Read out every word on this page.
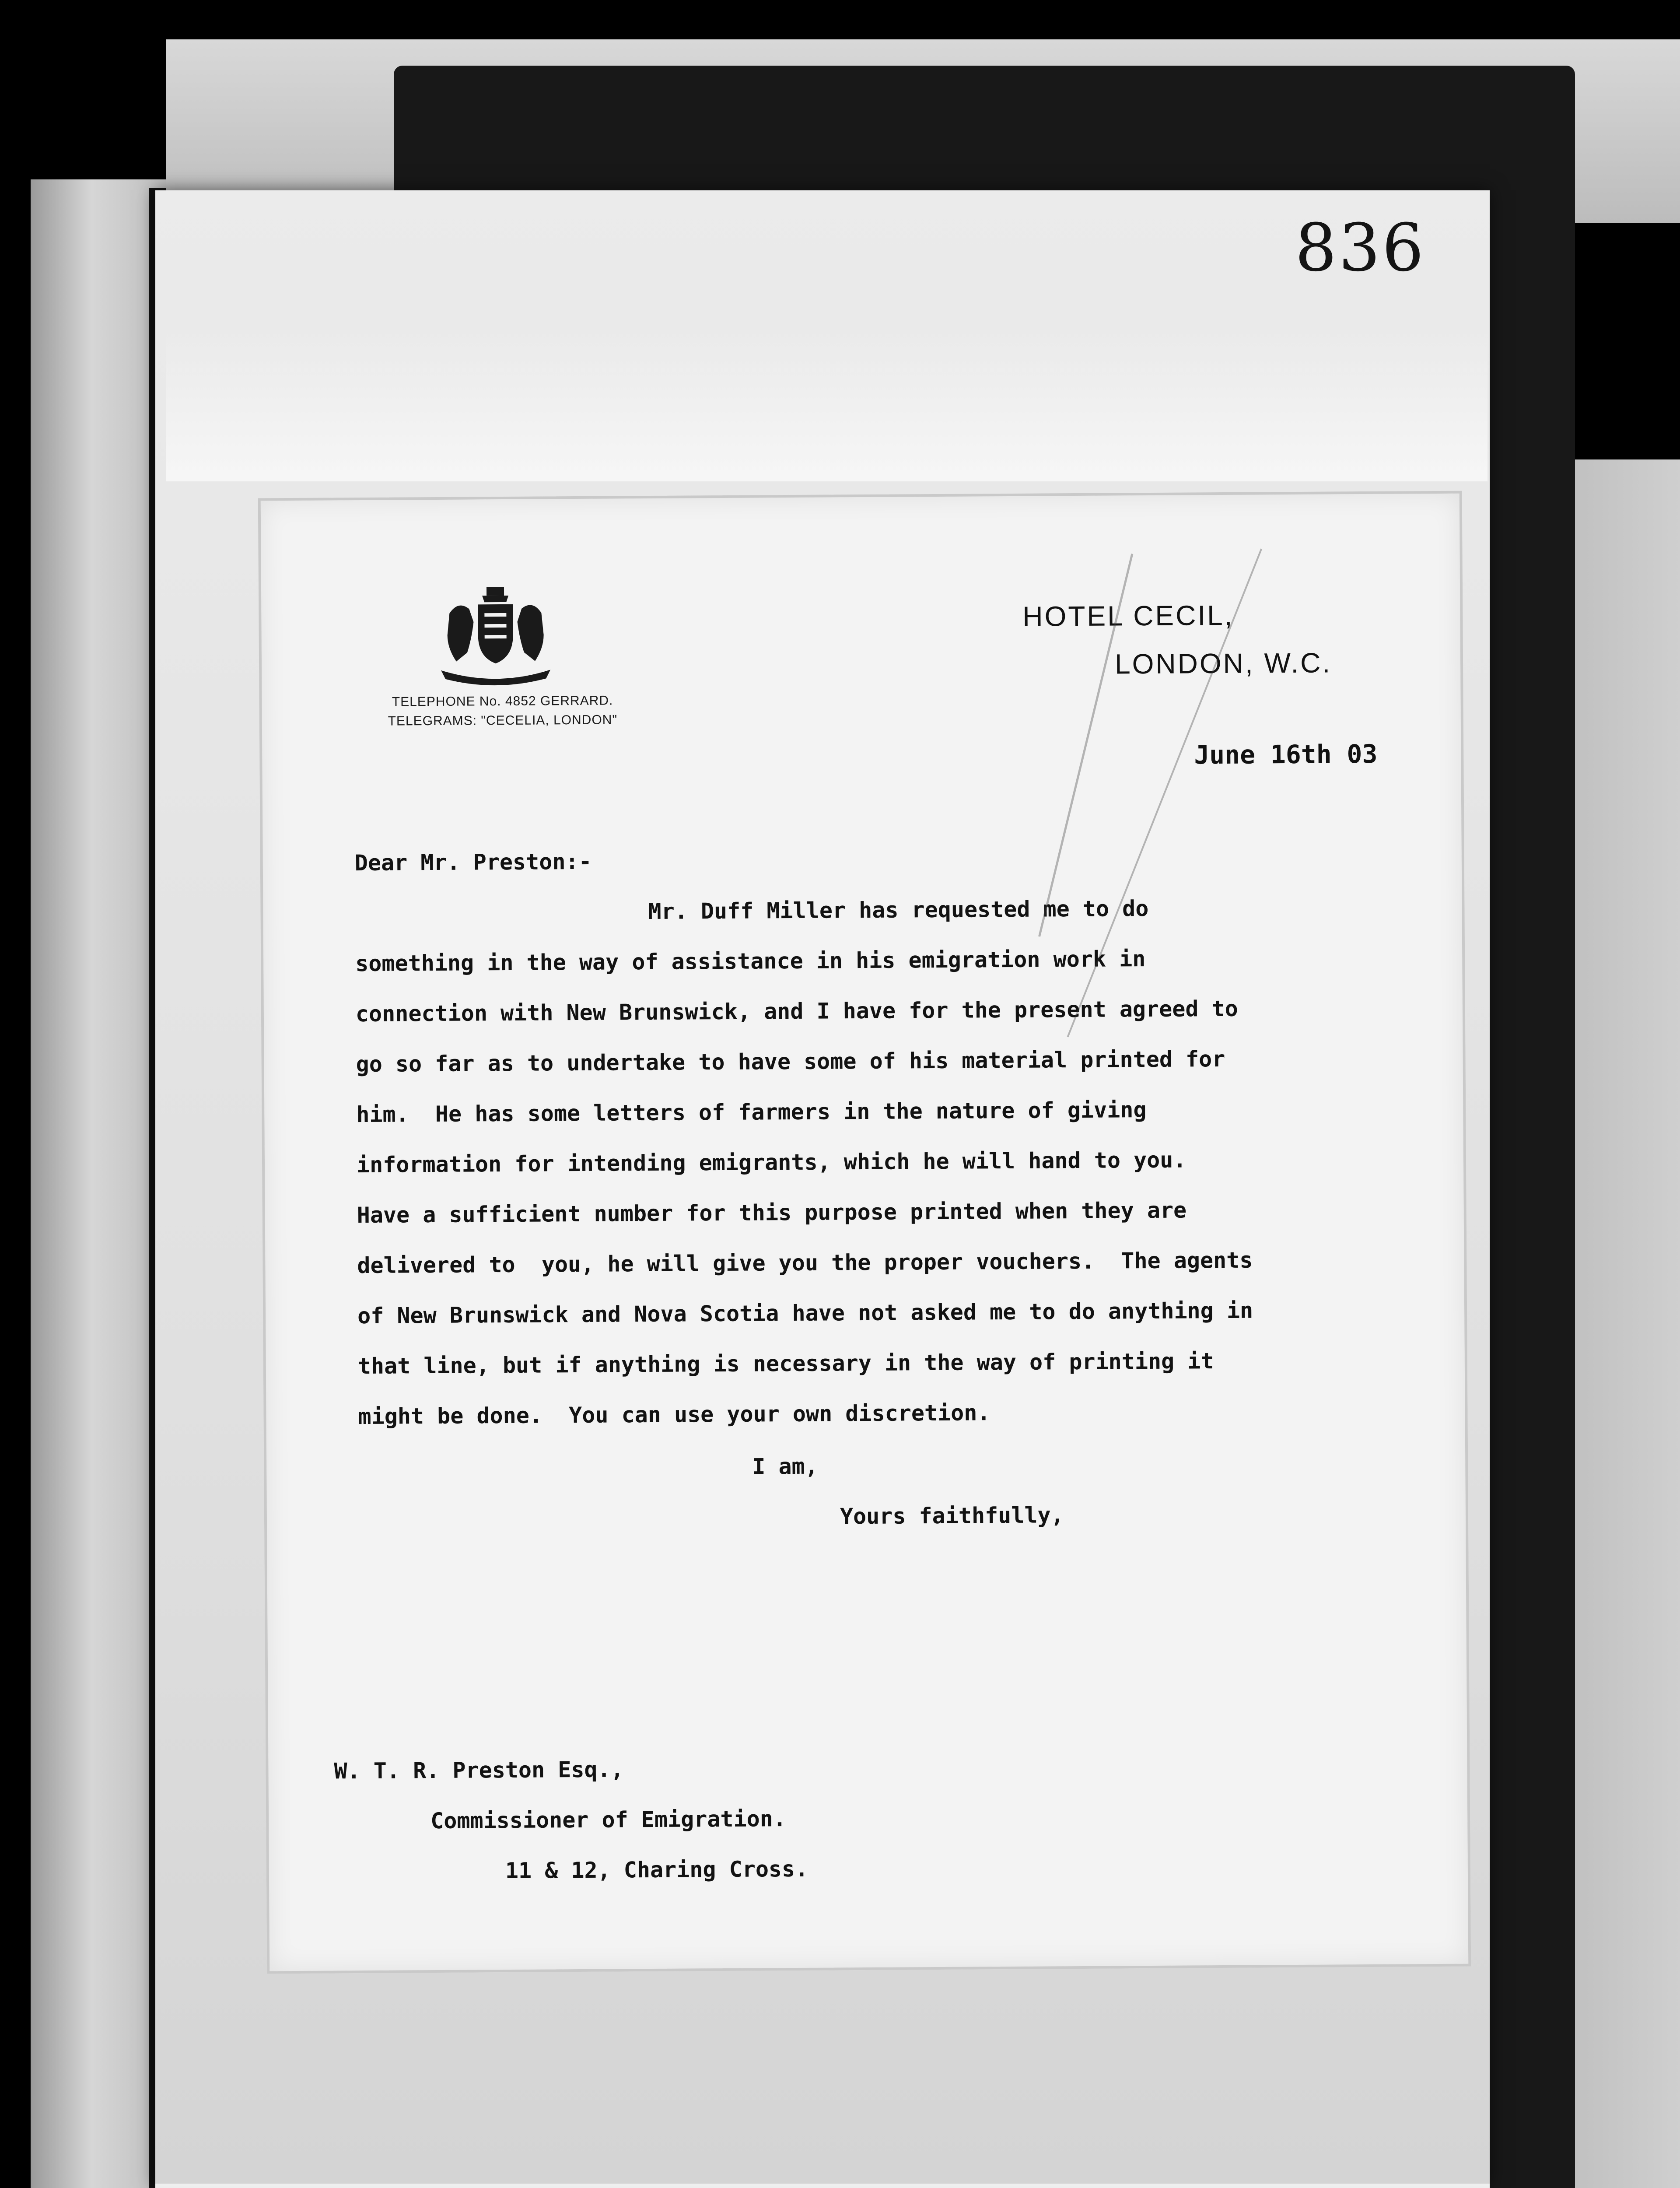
836
TELEPHONE No. 4852 GERRARD.
TELEGRAMS: "CECELIA, LONDON"
HOTEL CECIL,
LONDON, W.C.
June 16th 03
Dear Mr. Preston:-
Mr. Duff Miller has requested me to do
something in the way of assistance in his emigration work in
connection with New Brunswick, and I have for the present agreed to
go so far as to undertake to have some of his material printed for
him.  He has some letters of farmers in the nature of giving
information for intending emigrants, which he will hand to you.
Have a sufficient number for this purpose printed when they are
delivered to  you, he will give you the proper vouchers.  The agents
of New Brunswick and Nova Scotia have not asked me to do anything in
that line, but if anything is necessary in the way of printing it
might be done.  You can use your own discretion.
I am,
Yours faithfully,
W. T. R. Preston Esq.,
Commissioner of Emigration.
11 & 12, Charing Cross.
